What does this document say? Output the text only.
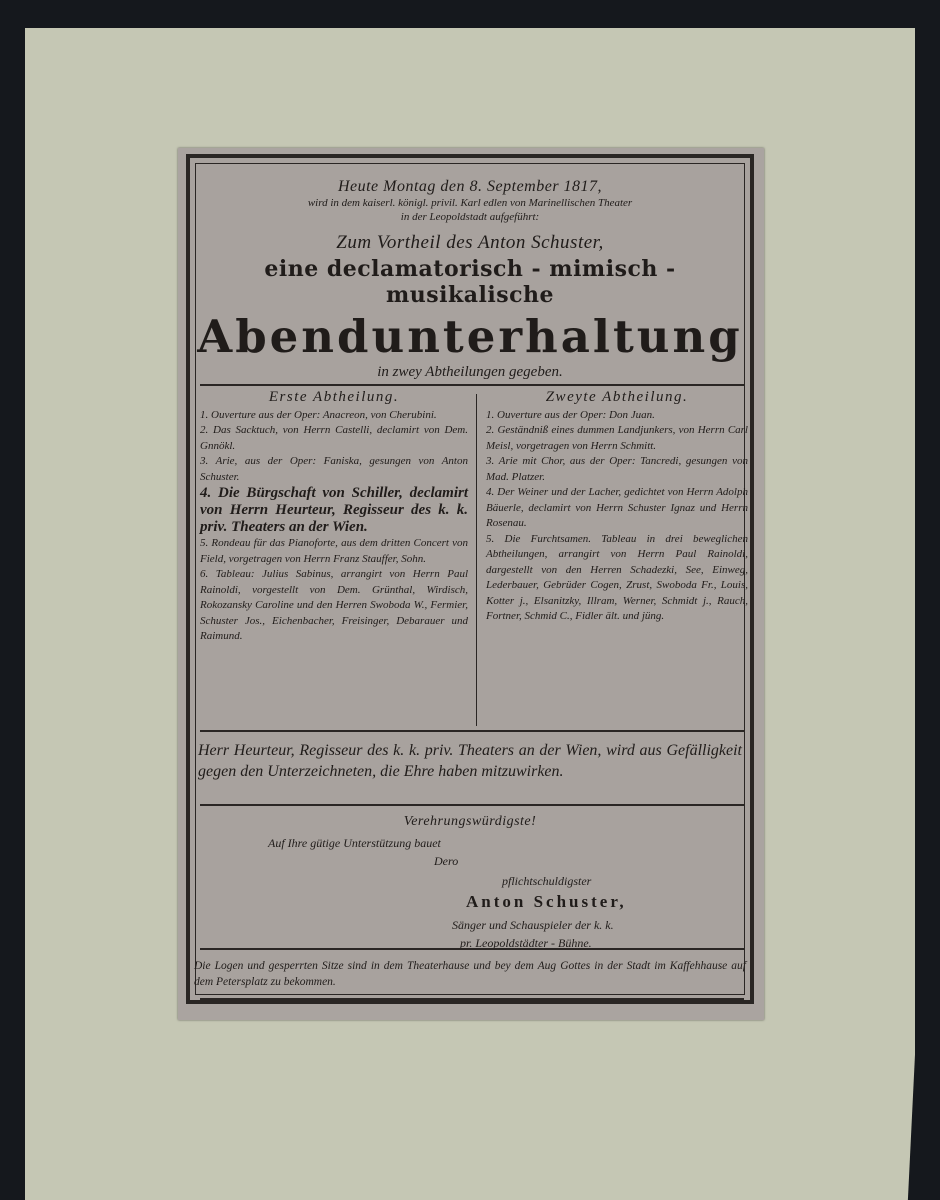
Heute Montag den 8. September 1817,
wird in dem kaiserl. königl. privil. Karl edlen von Marinellischen Theater
in der Leopoldstadt aufgeführt:
Zum Vortheil des Anton Schuster,
eine declamatorisch - mimisch - musikalische
Abendunterhaltung
in zwey Abtheilungen gegeben.
Erste Abtheilung.
1. Ouverture aus der Oper: Anacreon, von Cherubini.
2. Das Sacktuch, von Herrn Castelli, declamirt von Dem. Gnnökl.
3. Arie, aus der Oper: Faniska, gesungen von Anton Schuster.
4. Die Bürgschaft von Schiller, declamirt von Herrn Heurteur, Regisseur des k. k. priv. Theaters an der Wien.
5. Rondeau für das Pianoforte, aus dem dritten Concert von Field, vorgetragen von Herrn Franz Stauffer, Sohn.
6. Tableau: Julius Sabinus, arrangirt von Herrn Paul Rainoldi, vorgestellt von Dem. Grünthal, Wirdisch, Rokozansky Caroline und den Herren Swoboda W., Fermier, Schuster Jos., Eichenbacher, Freisinger, Debarauer und Raimund.
Zweyte Abtheilung.
1. Ouverture aus der Oper: Don Juan.
2. Geständniß eines dummen Landjunkers, von Herrn Carl Meisl, vorgetragen von Herrn Schmitt.
3. Arie mit Chor, aus der Oper: Tancredi, gesungen von Mad. Platzer.
4. Der Weiner und der Lacher, gedichtet von Herrn Adolph Bäuerle, declamirt von Herrn Schuster Ignaz und Herrn Rosenau.
5. Die Furchtsamen. Tableau in drei beweglichen Abtheilungen, arrangirt von Herrn Paul Rainoldi, dargestellt von den Herren Schadezki, See, Einweg, Lederbauer, Gebrüder Cogen, Zrust, Swoboda Fr., Louis, Kotter j., Elsanitzky, Illram, Werner, Schmidt j., Rauch, Fortner, Schmid C., Fidler ält. und jüng.
Herr Heurteur, Regisseur des k. k. priv. Theaters an der Wien, wird aus Gefälligkeit gegen den Unterzeichneten, die Ehre haben mitzuwirken.
Verehrungswürdigste!
Auf Ihre gütige Unterstützung bauet
Dero
pflichtschuldigster
Anton Schuster,
Sänger und Schauspieler der k. k.
pr. Leopoldstädter - Bühne.
Die Logen und gesperrten Sitze sind in dem Theaterhause und bey dem Aug Gottes in der Stadt im Kaffehhause auf dem Petersplatz zu bekommen.
